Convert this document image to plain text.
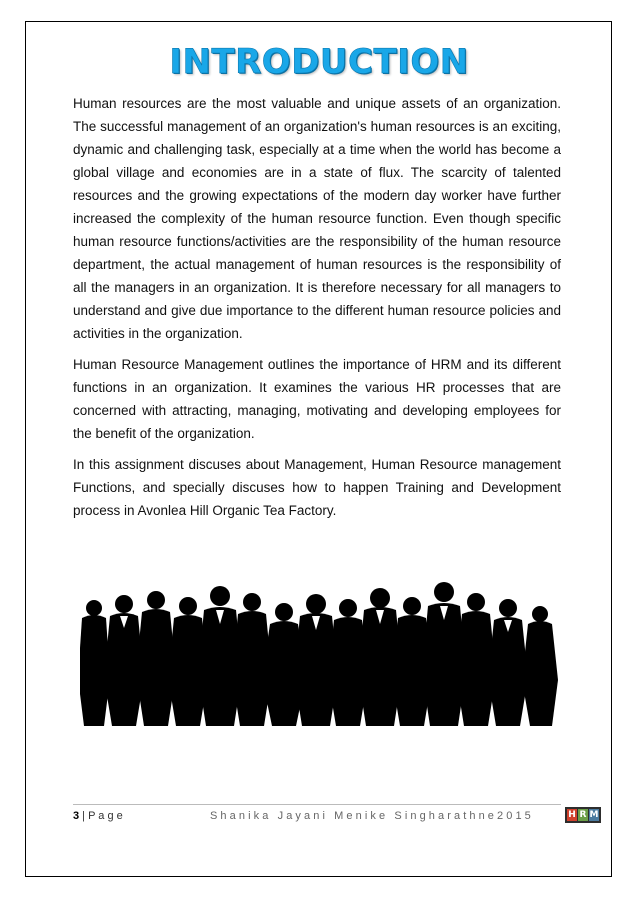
INTRODUCTION

Human resources are the most valuable and unique assets of an organization. The successful management of an organization's human resources is an exciting, dynamic and challenging task, especially at a time when the world has become a global village and economies are in a state of flux. The scarcity of talented resources and the growing expectations of the modern day worker have further increased the complexity of the human resource function. Even though specific human resource functions/activities are the responsibility of the human resource department, the actual management of human resources is the responsibility of all the managers in an organization. It is therefore necessary for all managers to understand and give due importance to the different human resource policies and activities in the organization.

Human Resource Management outlines the importance of HRM and its different functions in an organization. It examines the various HR processes that are concerned with attracting, managing, motivating and developing employees for the benefit of the organization.

In this assignment discuses about Management, Human Resource management Functions, and specially discuses how to happen Training and Development process in Avonlea Hill Organic Tea Factory.

3 | P a g e	Shanika Jayani Menike Singharathne2015	H R M
